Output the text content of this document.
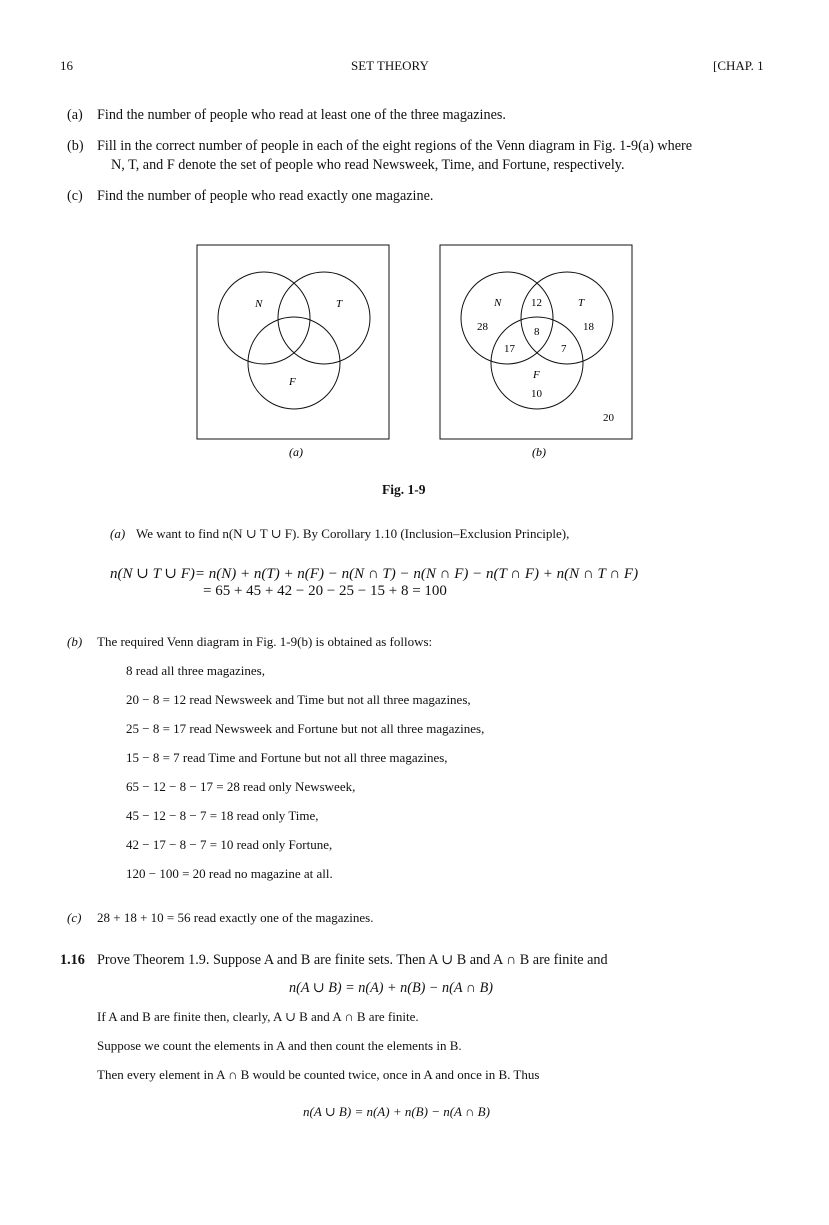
16	SET THEORY	[CHAP. 1
(a) Find the number of people who read at least one of the three magazines.
(b) Fill in the correct number of people in each of the eight regions of the Venn diagram in Fig. 1-9(a) where
N, T, and F denote the set of people who read Newsweek, Time, and Fortune, respectively.
(c) Find the number of people who read exactly one magazine.
N	T
F
(a)
N	T
F
28
12
18
8
17	7
10
20
(b)
Fig. 1-9
(a) We want to find n(N ∪ T ∪ F). By Corollary 1.10 (Inclusion–Exclusion Principle),
n(N ∪ T ∪ F)= n(N) + n(T) + n(F) − n(N ∩ T) − n(N ∩ F) − n(T ∩ F) + n(N ∩ T ∩ F)
= 65 + 45 + 42 − 20 − 25 − 15 + 8 = 100
(b) The required Venn diagram in Fig. 1-9(b) is obtained as follows:
8 read all three magazines,
20 − 8 = 12 read Newsweek and Time but not all three magazines,
25 − 8 = 17 read Newsweek and Fortune but not all three magazines,
15 − 8 = 7 read Time and Fortune but not all three magazines,
65 − 12 − 8 − 17 = 28 read only Newsweek,
45 − 12 − 8 − 7 = 18 read only Time,
42 − 17 − 8 − 7 = 10 read only Fortune,
120 − 100 = 20 read no magazine at all.
(c) 28 + 18 + 10 = 56 read exactly one of the magazines.
1.16 Prove Theorem 1.9. Suppose A and B are finite sets. Then A ∪ B and A ∩ B are finite and
n(A ∪ B) = n(A) + n(B) − n(A ∩ B)
If A and B are finite then, clearly, A ∪ B and A ∩ B are finite.
Suppose we count the elements in A and then count the elements in B.
Then every element in A ∩ B would be counted twice, once in A and once in B. Thus
n(A ∪ B) = n(A) + n(B) − n(A ∩ B)
